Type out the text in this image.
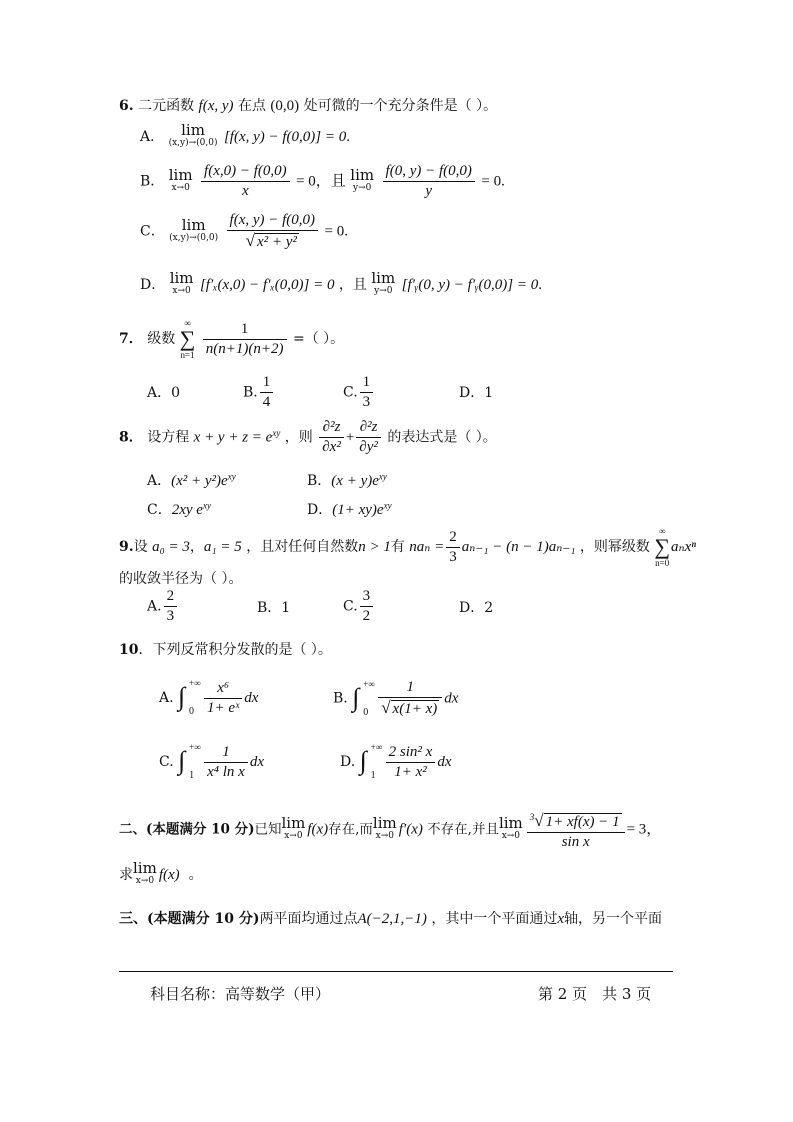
6. 二元函数 f(x, y) 在点 (0,0) 处可微的一个充分条件是（ ）。
A．	lim
(x,y)→(0,0) [f(x, y) − f(0,0)] = 0.
B． lim
x→0
$\frac{f(x,0) - f(0,0)}{x} = 0$，且 lim
y→0
$\frac{f(0, y) - f(0,0)}{y} = 0$.
C．	lim
(x,y)→(0,0)
$\frac{f(x, y) - f(0,0)}{\text{√ x² + y²}} = 0$.
D． lim
x→0 [f′ₓ(x,0) − f′ₓ(0,0)] = 0 ，且 lim
y→0 [f′ᵧ(0, y) − f′ᵧ(0,0)] = 0.
7． 级数
∞
∑
n=1
$\frac{1}{n(n+1)(n+2)}$ =（ ）。
A．0	B. $\frac{1}{4}$	C. $\frac{1}{3}$	D．1
8． 设方程 $x + y + z = e^{xy}$ ，则 $\frac{\text{∂²z}}{\text{∂x²}} + \frac{\text{∂²z}}{\text{∂y²}}$ 的表达式是（ ）。
A．$(x^2 + y^2)e^{xy}$	B．$(x + y)e^{xy}$
C．2xy $e^{xy}$	D．$(1+ xy)e^{xy}$
9.设 a₀ = 3，a₁ = 5 ，且对任何自然数n > 1有 $na_n = \frac{2}{3} a_{n-1} - (n - 1)a_{n-1}$ ，则幂级数
∞
∑
n=0
aₙxⁿ
的收敛半径为（ ）。
A. $\frac{2}{3}$	B．1	C. $\frac{3}{2}$	D．2
10．下列反常积分发散的是（ ）。
A. ∫ +∞
$0 \frac{\text{x⁶}}{\text{1+ eˣ}}$ dx	B. ∫ +∞
$0 \frac{1}{√ x(1+ x)}$ dx
C. ∫ +∞
$1 \frac{1}{\text{x⁴ ln x}}$ dx	D. ∫ +∞
$1 \frac{\text{2 sin² x}}{\text{1+ x²}}$ dx
二、(本题满分 10 分)已知 lim
x→0 f(x)存在,而 lim
x→0 f′(x) 不存在,并且 lim
$x\to 0 \frac{^3√ 1+ xf(x) - 1}{\text{sin x}} = 3$，
求 lim
x→0 f(x) 。
三、(本题满分 10 分)两平面均通过点A(−2,1,−1) ，其中一个平面通过x轴，另一个平面
科目名称：高等数学（甲）	第 2 页　共 3 页
